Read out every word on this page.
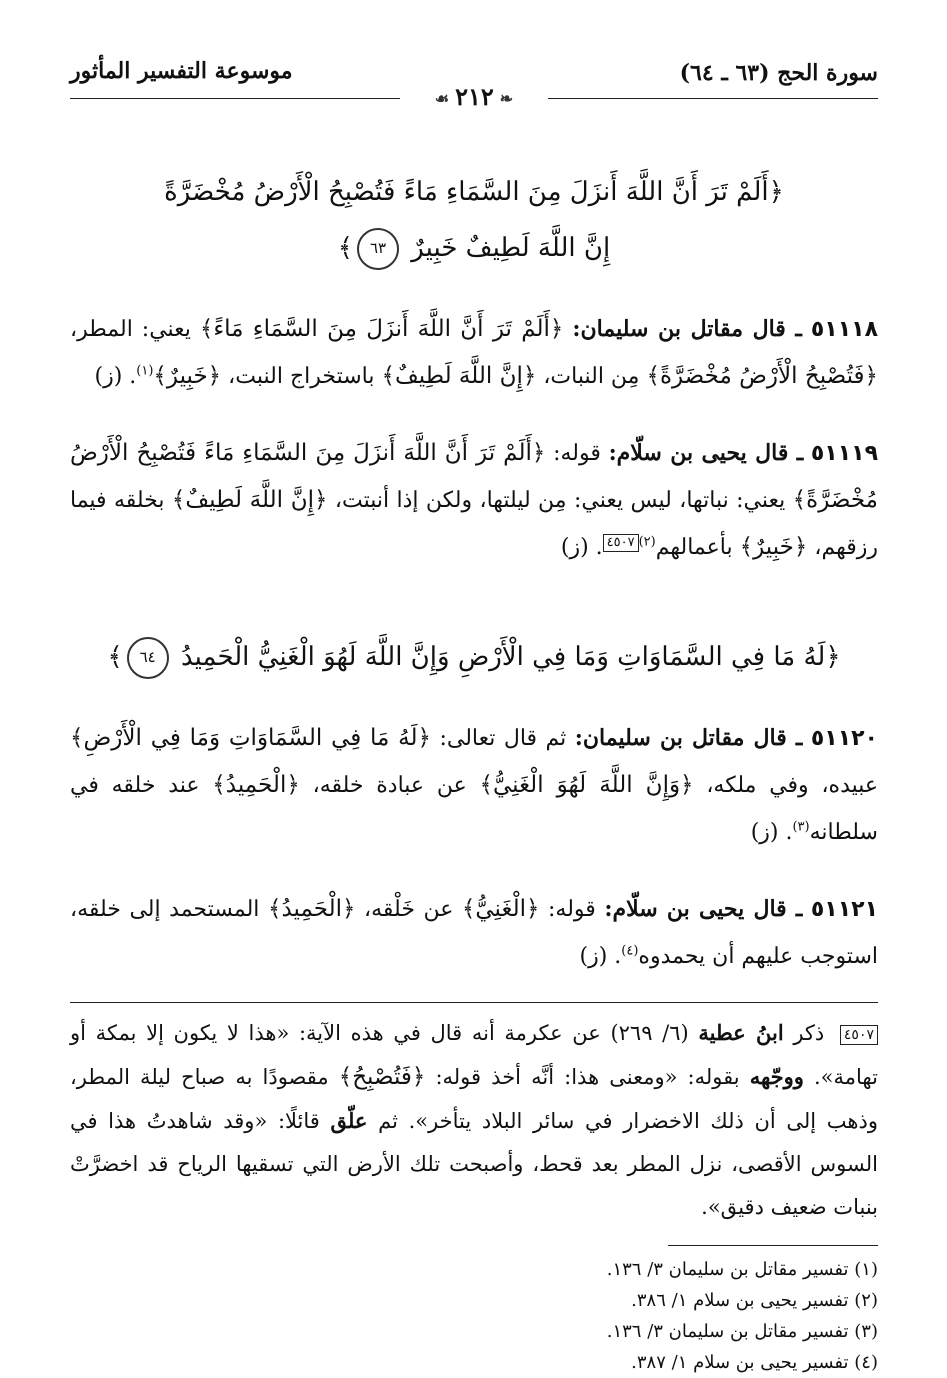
سورة الحج (٦٣ ـ ٦٤)
موسوعة التفسير المأثور
❧٢١٢☙
﴿أَلَمْ تَرَ أَنَّ اللَّهَ أَنزَلَ مِنَ السَّمَاءِ مَاءً فَتُصْبِحُ الْأَرْضُ مُخْضَرَّةً
إِنَّ اللَّهَ لَطِيفٌ خَبِيرٌ ٦٣﴾
٥١١١٨ ـ قال مقاتل بن سليمان: ﴿أَلَمْ تَرَ أَنَّ اللَّهَ أَنزَلَ مِنَ السَّمَاءِ مَاءً﴾ يعني: المطر، ﴿فَتُصْبِحُ الْأَرْضُ مُخْضَرَّةً﴾ مِن النبات، ﴿إِنَّ اللَّهَ لَطِيفٌ﴾ باستخراج النبت، ﴿خَبِيرٌ﴾$^{(١)}$. (ز)
٥١١١٩ ـ قال يحيى بن سلّام: قوله: ﴿أَلَمْ تَرَ أَنَّ اللَّهَ أَنزَلَ مِنَ السَّمَاءِ مَاءً فَتُصْبِحُ الْأَرْضُ مُخْضَرَّةً﴾ يعني: نباتها، ليس يعني: مِن ليلتها، ولكن إذا أنبتت، ﴿إِنَّ اللَّهَ لَطِيفٌ﴾ بخلقه فيما رزقهم، ﴿خَبِيرٌ﴾ بأعمالهم$^{(٢)}$٤٥٠٧. (ز)
﴿لَهُ مَا فِي السَّمَاوَاتِ وَمَا فِي الْأَرْضِ وَإِنَّ اللَّهَ لَهُوَ الْغَنِيُّ الْحَمِيدُ ٦٤﴾
٥١١٢٠ ـ قال مقاتل بن سليمان: ثم قال تعالى: ﴿لَهُ مَا فِي السَّمَاوَاتِ وَمَا فِي الْأَرْضِ﴾ عبيده، وفي ملكه، ﴿وَإِنَّ اللَّهَ لَهُوَ الْغَنِيُّ﴾ عن عبادة خلقه، ﴿الْحَمِيدُ﴾ عند خلقه في سلطانه$^{(٣)}$. (ز)
٥١١٢١ ـ قال يحيى بن سلّام: قوله: ﴿الْغَنِيُّ﴾ عن خَلْقه، ﴿الْحَمِيدُ﴾ المستحمد إلى خلقه، استوجب عليهم أن يحمدوه$^{(٤)}$. (ز)
٤٥٠٧ ذكر ابنُ عطية (٦/ ٢٦٩) عن عكرمة أنه قال في هذه الآية: «هذا لا يكون إلا بمكة أو تهامة». ووجّهه بقوله: «ومعنى هذا: أنَّه أخذ قوله: ﴿فَتُصْبِحُ﴾ مقصودًا به صباح ليلة المطر، وذهب إلى أن ذلك الاخضرار في سائر البلاد يتأخر». ثم علّق قائلًا: «وقد شاهدتُ هذا في السوس الأقصى، نزل المطر بعد قحط، وأصبحت تلك الأرض التي تسقيها الرياح قد اخضرَّتْ بنبات ضعيف دقيق».
(١) تفسير مقاتل بن سليمان ٣/ ١٣٦.
(٢) تفسير يحيى بن سلام ١/ ٣٨٦.
(٣) تفسير مقاتل بن سليمان ٣/ ١٣٦.
(٤) تفسير يحيى بن سلام ١/ ٣٨٧.
